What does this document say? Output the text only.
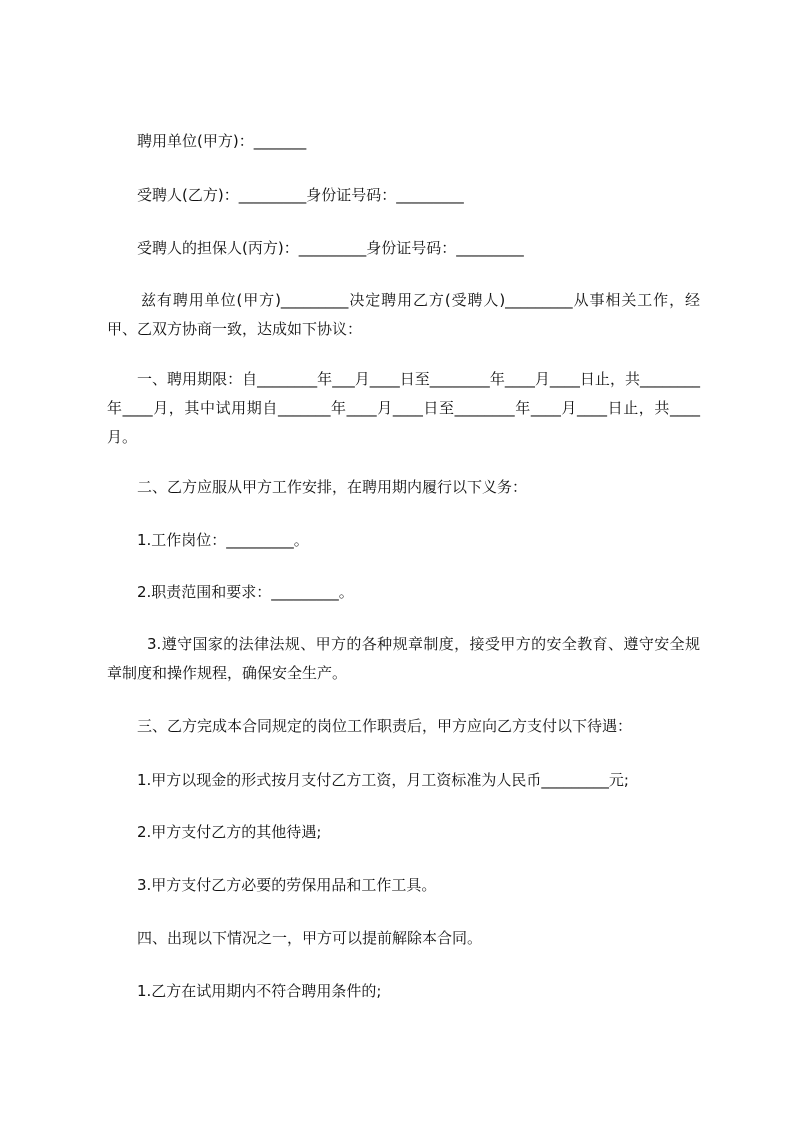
聘用单位(甲方)：_______

受聘人(乙方)：_________身份证号码：_________

受聘人的担保人(丙方)：_________身份证号码：_________

兹有聘用单位(甲方)_________决定聘用乙方(受聘人)_________从事相关工作，经甲、乙双方协商一致，达成如下协议：

一、聘用期限：自________年___月____日至________年____月____日止，共________年____月，其中试用期自_______年____月____日至________年____月____日止，共____月。

二、乙方应服从甲方工作安排，在聘用期内履行以下义务：

1.工作岗位：_________。

2.职责范围和要求：_________。

3.遵守国家的法律法规、甲方的各种规章制度，接受甲方的安全教育、遵守安全规章制度和操作规程，确保安全生产。

三、乙方完成本合同规定的岗位工作职责后，甲方应向乙方支付以下待遇：

1.甲方以现金的形式按月支付乙方工资，月工资标准为人民币_________元;

2.甲方支付乙方的其他待遇;

3.甲方支付乙方必要的劳保用品和工作工具。

四、出现以下情况之一，甲方可以提前解除本合同。

1.乙方在试用期内不符合聘用条件的;
